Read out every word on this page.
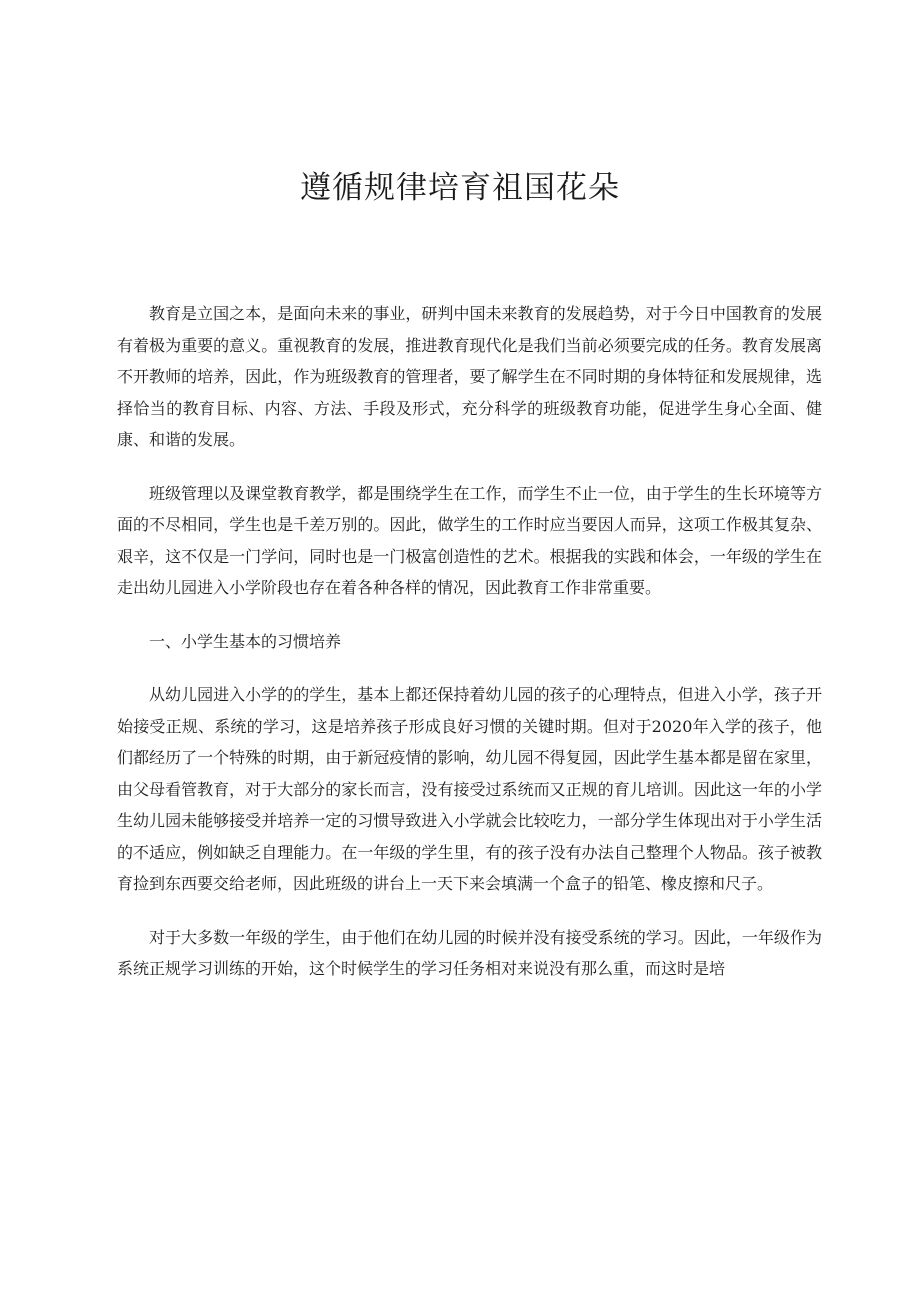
遵循规律培育祖国花朵

教育是立国之本，是面向未来的事业，研判中国未来教育的发展趋势，对于今日中国教育的发展有着极为重要的意义。重视教育的发展，推进教育现代化是我们当前必须要完成的任务。教育发展离不开教师的培养，因此，作为班级教育的管理者，要了解学生在不同时期的身体特征和发展规律，选择恰当的教育目标、内容、方法、手段及形式，充分科学的班级教育功能，促进学生身心全面、健康、和谐的发展。

班级管理以及课堂教育教学，都是围绕学生在工作，而学生不止一位，由于学生的生长环境等方面的不尽相同，学生也是千差万别的。因此，做学生的工作时应当要因人而异，这项工作极其复杂、艰辛，这不仅是一门学问，同时也是一门极富创造性的艺术。根据我的实践和体会，一年级的学生在走出幼儿园进入小学阶段也存在着各种各样的情况，因此教育工作非常重要。

一、小学生基本的习惯培养

从幼儿园进入小学的的学生，基本上都还保持着幼儿园的孩子的心理特点，但进入小学，孩子开始接受正规、系统的学习，这是培养孩子形成良好习惯的关键时期。但对于2020年入学的孩子，他们都经历了一个特殊的时期，由于新冠疫情的影响，幼儿园不得复园，因此学生基本都是留在家里，由父母看管教育，对于大部分的家长而言，没有接受过系统而又正规的育儿培训。因此这一年的小学生幼儿园未能够接受并培养一定的习惯导致进入小学就会比较吃力，一部分学生体现出对于小学生活的不适应，例如缺乏自理能力。在一年级的学生里，有的孩子没有办法自己整理个人物品。孩子被教育捡到东西要交给老师，因此班级的讲台上一天下来会填满一个盒子的铅笔、橡皮擦和尺子。

对于大多数一年级的学生，由于他们在幼儿园的时候并没有接受系统的学习。因此，一年级作为系统正规学习训练的开始，这个时候学生的学习任务相对来说没有那么重，而这时是培
